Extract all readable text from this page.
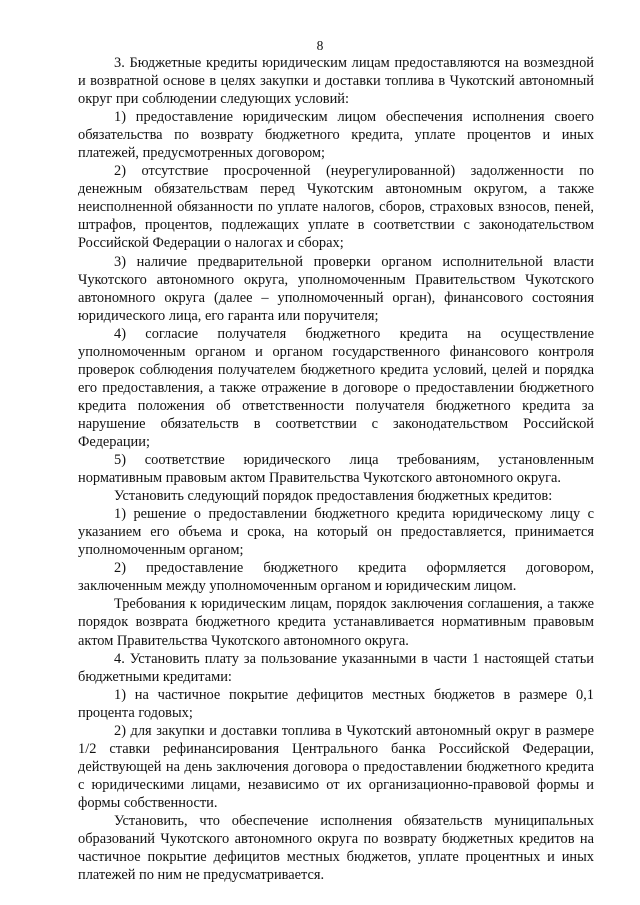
8

3. Бюджетные кредиты юридическим лицам предоставляются на возмездной и возвратной основе в целях закупки и доставки топлива в Чукотский автономный округ при соблюдении следующих условий:

1) предоставление юридическим лицом обеспечения исполнения своего обязательства по возврату бюджетного кредита, уплате процентов и иных платежей, предусмотренных договором;

2) отсутствие просроченной (неурегулированной) задолженности по денежным обязательствам перед Чукотским автономным округом, а также неисполненной обязанности по уплате налогов, сборов, страховых взносов, пеней, штрафов, процентов, подлежащих уплате в соответствии с законодательством Российской Федерации о налогах и сборах;

3) наличие предварительной проверки органом исполнительной власти Чукотского автономного округа, уполномоченным Правительством Чукотского автономного округа (далее – уполномоченный орган), финансового состояния юридического лица, его гаранта или поручителя;

4) согласие получателя бюджетного кредита на осуществление уполномоченным органом и органом государственного финансового контроля проверок соблюдения получателем бюджетного кредита условий, целей и порядка его предоставления, а также отражение в договоре о предоставлении бюджетного кредита положения об ответственности получателя бюджетного кредита за нарушение обязательств в соответствии с законодательством Российской Федерации;

5) соответствие юридического лица требованиям, установленным нормативным правовым актом Правительства Чукотского автономного округа.

Установить следующий порядок предоставления бюджетных кредитов:

1) решение о предоставлении бюджетного кредита юридическому лицу с указанием его объема и срока, на который он предоставляется, принимается уполномоченным органом;

2) предоставление бюджетного кредита оформляется договором, заключенным между уполномоченным органом и юридическим лицом.

Требования к юридическим лицам, порядок заключения соглашения, а также порядок возврата бюджетного кредита устанавливается нормативным правовым актом Правительства Чукотского автономного округа.

4. Установить плату за пользование указанными в части 1 настоящей статьи бюджетными кредитами:

1) на частичное покрытие дефицитов местных бюджетов в размере 0,1 процента годовых;

2) для закупки и доставки топлива в Чукотский автономный округ в размере 1/2 ставки рефинансирования Центрального банка Российской Федерации, действующей на день заключения договора о предоставлении бюджетного кредита с юридическими лицами, независимо от их организационно-правовой формы и формы собственности.

Установить, что обеспечение исполнения обязательств муниципальных образований Чукотского автономного округа по возврату бюджетных кредитов на частичное покрытие дефицитов местных бюджетов, уплате процентных и иных платежей по ним не предусматривается.
